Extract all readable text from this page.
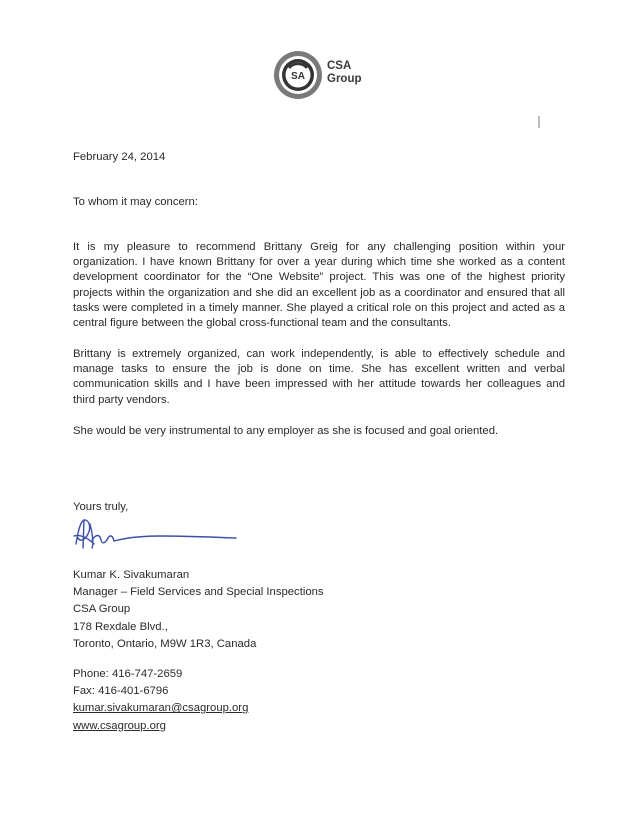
SA
CSA
Group
February 24, 2014
To whom it may concern:

It is my pleasure to recommend Brittany Greig for any challenging position within your organization. I have known Brittany for over a year during which time she worked as a content development coordinator for the “One Website” project. This was one of the highest priority projects within the organization and she did an excellent job as a coordinator and ensured that all tasks were completed in a timely manner. She played a critical role on this project and acted as a central figure between the global cross-functional team and the consultants.

Brittany is extremely organized, can work independently, is able to effectively schedule and manage tasks to ensure the job is done on time. She has excellent written and verbal communication skills and I have been impressed with her attitude towards her colleagues and third party vendors.

She would be very instrumental to any employer as she is focused and goal oriented.

Yours truly,
Kumar K. Sivakumaran
Manager – Field Services and Special Inspections
CSA Group
178 Rexdale Blvd.,
Toronto, Ontario, M9W 1R3, Canada
Phone: 416-747-2659
Fax: 416-401-6796
kumar.sivakumaran@csagroup.org
www.csagroup.org
